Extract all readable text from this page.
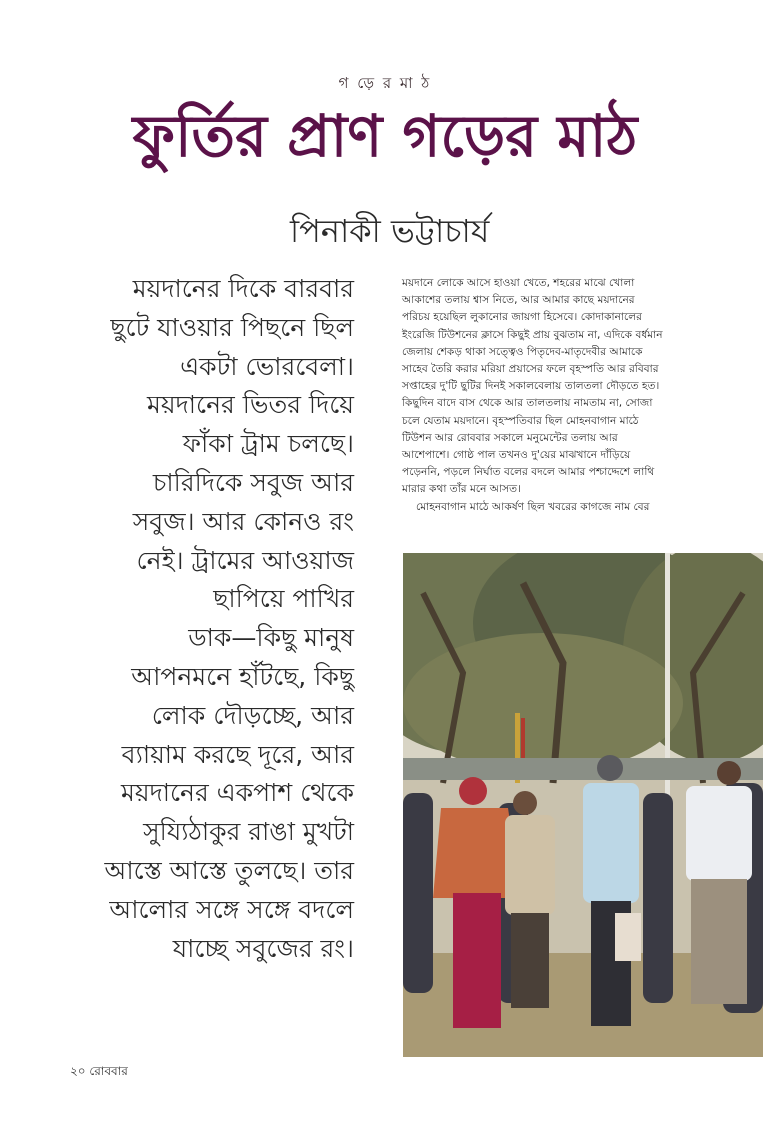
গ ড়ে র মা ঠ
ফুর্তির প্রাণ গড়ের মাঠ
পিনাকী ভট্টাচার্য
ময়দানের দিকে বারবার
ছুটে যাওয়ার পিছনে ছিল
একটা ভোরবেলা।
ময়দানের ভিতর দিয়ে
ফাঁকা ট্রাম চলছে।
চারিদিকে সবুজ আর
সবুজ। আর কোনও রং
নেই। ট্রামের আওয়াজ
ছাপিয়ে পাখির
ডাক—কিছু মানুষ
আপনমনে হাঁটছে, কিছু
লোক দৌড়চ্ছে, আর
ব্যায়াম করছে দূরে, আর
ময়দানের একপাশ থেকে
সুয্যিঠাকুর রাঙা মুখটা
আস্তে আস্তে তুলছে। তার
আলোর সঙ্গে সঙ্গে বদলে
যাচ্ছে সবুজের রং।
ময়দানে লোকে আসে হাওয়া খেতে, শহরের মাঝে খোলা
আকাশের তলায় শ্বাস নিতে, আর আমার কাছে ময়দানের
পরিচয় হয়েছিল লুকানোর জায়গা হিসেবে। কোদাকানালের
ইংরেজি টিউশনের ক্লাসে কিছুই প্রায় বুঝতাম না, এদিকে বর্ধমান
জেলায় শেকড় থাকা সত্ত্বেও পিতৃদেব-মাতৃদেবীর আমাকে
সাহেব তৈরি করার মরিয়া প্রয়াসের ফলে বৃহস্পতি আর রবিবার
সপ্তাহের দু'টি ছুটির দিনই সকালবেলায় তালতলা দৌড়তে হত।
কিছুদিন বাদে বাস থেকে আর তালতলায় নামতাম না, সোজা
চলে যেতাম ময়দানে। বৃহস্পতিবার ছিল মোহনবাগান মাঠে
টিউশন আর রোববার সকালে মনুমেন্টের তলায় আর
আশেপাশে। গোষ্ঠ পাল তখনও দু'য়ের মাঝখানে দাঁড়িয়ে
পড়েননি, পড়লে নির্ঘাত বলের বদলে আমার পশ্চাদ্দেশে লাথি
মারার কথা তাঁর মনে আসত।
মোহনবাগান মাঠে আকর্ষণ ছিল খবরের কাগজে নাম বের
২০ রোববার
